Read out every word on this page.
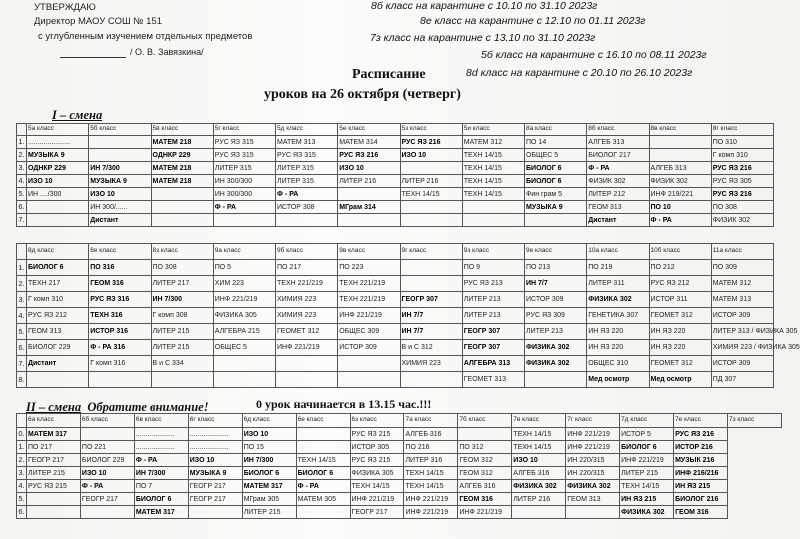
УТВЕРЖДАЮ
Директор МАОУ СОШ № 151
с углубленным изучением отдельных предметов
/ О. В. Завязкина/
8б класс на карантине с 10.10 по 31.10 2023г
8е класс на карантине с 12.10 по 01.11 2023г
7з класс на карантине с 13.10 по 31.10 2023г
5б класс на карантине с 16.10 по 08.11 2023г
8d класс на карантине с 20.10 по 26.10 2023г
Расписание
уроков на 26 октября (четверг)
I – смена
	5а класс	5б класс	5в класс	5г класс	5д класс	5е класс	5з класс	5и класс	8а класс	8б класс	8в класс	8г класс
1.	......................		МАТЕМ 218	РУС ЯЗ 315	МАТЕМ 313	МАТЕМ 314	РУС ЯЗ 216	МАТЕМ 312	ПО 14	АЛГЕБ 313		ПО 310
2.	МУЗЫКА 9		ОДНКР 229	РУС ЯЗ 315	РУС ЯЗ 315	РУС ЯЗ 216	ИЗО 10	ТЕХН 14/15	ОБЩЕС 5	БИОЛОГ 217		Г комп 310
3.	ОДНКР 229	ИН 7/300	МАТЕМ 218	ЛИТЕР 315	ЛИТЕР 315	ИЗО 10		ТЕХН 14/15	БИОЛОГ 6	Ф - РА	АЛГЕБ 313	РУС ЯЗ 216
4.	ИЗО 10	МУЗЫКА 9	МАТЕМ 218	ИН 300/300	ЛИТЕР 315	ЛИТЕР 216	ЛИТЕР 216	ТЕХН 14/15	БИОЛОГ 6	ФИЗИК 302	ФИЗИК 302	РУС ЯЗ 305
5.	ИН ..../300	ИЗО 10		ИН 300/300	Ф - РА		ТЕХН 14/15	ТЕХН 14/15	Фин грам 5	ЛИТЕР 212	ИНФ 219/221	РУС ЯЗ 216
6.		ИН 300/......		Ф - РА	ИСТОР 308	МГрам 314			МУЗЫКА 9	ГЕОМ 313	ПО 10	ПО 308
7.		Дистант								Дистант	Ф - РА	ФИЗИК 302
	8д класс	8е класс	8з класс	9а класс	9б класс	9в класс	9г класс	9з класс	9е класс	10а класс	10б класс	11а класс
1.	БИОЛОГ 6	ПО 316	ПО 308	ПО 5	ПО 217	ПО 223		ПО 9	ПО 213	ПО 219	ПО 212	ПО 309
2.	ТЕХН 217	ГЕОМ 316	ЛИТЕР 217	ХИМ 223	ТЕХН 221/219	ТЕХН 221/219		РУС ЯЗ 213	ИН 7/7	ЛИТЕР 311	РУС ЯЗ 212	МАТЕМ 312
3.	Г комп 310	РУС ЯЗ 316	ИН 7/300	ИНФ 221/219	ХИМИЯ 223	ТЕХН 221/219	ГЕОГР 307	ЛИТЕР 213	ИСТОР 309	ФИЗИКА 302	ИСТОР 311	МАТЕМ 313
4.	РУС ЯЗ 212	ТЕХН 316	Г комп 308	ФИЗИКА 305	ХИМИЯ 223	ИНФ 221/219	ИН 7/7	ЛИТЕР 213	РУС ЯЗ 309	ГЕНЕТИКА 307	ГЕОМЕТ 312	ИСТОР 309
5.	ГЕОМ 313	ИСТОР 316	ЛИТЕР 215	АЛГЕБРА 215	ГЕОМЕТ 312	ОБЩЕС 309	ИН 7/7	ГЕОГР 307	ЛИТЕР 213	ИН ЯЗ 220	ИН ЯЗ 220	ЛИТЕР 313 / ФИЗИКА 305
6.	БИОЛОГ 229	Ф - РА 316	ЛИТЕР 215	ОБЩЕС 5	ИНФ 221/219	ИСТОР 309	В и С 312	ГЕОГР 307	ФИЗИКА 302	ИН ЯЗ 220	ИН ЯЗ 220	ХИМИЯ 223 / ФИЗИКА 305
7.	Дистант	Г комп 316	В и С 334				ХИМИЯ 223	АЛГЕБРА 313	ФИЗИКА 302	ОБЩЕС 310	ГЕОМЕТ 312	ИСТОР 309
8.								ГЕОМЕТ 313		Мед осмотр	Мед осмотр	ПД 307
II – смена Обратите внимание!	0 урок начинается в 13.15 час.!!!
	6а класс	6б класс	6в класс	6г класс	6д класс	6е класс	6з класс	7а класс	7б класс	7в класс	7г класс	7д класс	7е класс	7з класс
0.	МАТЕМ 317		....................	....................	ИЗО 10		РУС ЯЗ 215	АЛГЕБ 316		ТЕХН 14/15	ИНФ 221/219	ИСТОР 5	РУС ЯЗ 216	
1.	ПО 217	ПО 221	....................	....................	ПО 15		ИСТОР 305	ПО 216	ПО 312	ТЕХН 14/15	ИНФ 221/219	БИОЛОГ 6	ИСТОР 216	
2.	ГЕОГР 217	БИОЛОГ 229	Ф - РА	ИЗО 10	ИН 7/300	ТЕХН 14/15	РУС ЯЗ 215	ЛИТЕР 316	ГЕОМ 312	ИЗО 10	ИН 220/315	ИНФ 221/219	МУЗЫК 216	
3.	ЛИТЕР 215	ИЗО 10	ИН 7/300	МУЗЫКА 9	БИОЛОГ 6	БИОЛОГ 6	ФИЗИКА 305	ТЕХН 14/15	ГЕОМ 312	АЛГЕБ 316	ИН 220/315	ЛИТЕР 215	ИНФ 216/216	
4.	РУС ЯЗ 215	Ф - РА	ПО 7	ГЕОГР 217	МАТЕМ 317	Ф - РА	ТЕХН 14/15	ТЕХН 14/15	АЛГЕБ 316	ФИЗИКА 302	ФИЗИКА 302	ТЕХН 14/15	ИН ЯЗ 215	
5.		ГЕОГР 217	БИОЛОГ 6	ГЕОГР 217	МГрам 305	МАТЕМ 305	ИНФ 221/219	ИНФ 221/219	ГЕОМ 316	ЛИТЕР 216	ГЕОМ 313	ИН ЯЗ 215	БИОЛОГ 216	
6.			МАТЕМ 317		ЛИТЕР 215		ГЕОГР 217	ИНФ 221/219	ИНФ 221/219			ФИЗИКА 302	ГЕОМ 316	
